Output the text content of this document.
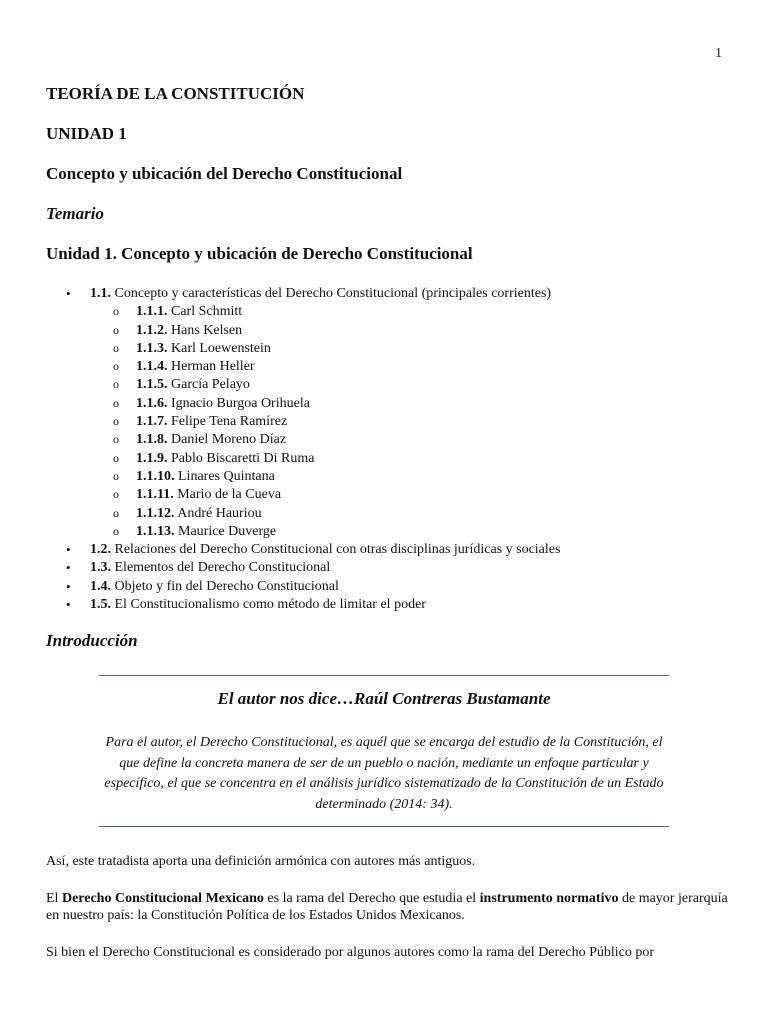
1
TEORÍA DE LA CONSTITUCIÓN
UNIDAD 1
Concepto y ubicación del Derecho Constitucional
Temario
Unidad 1. Concepto y ubicación de Derecho Constitucional
• 1.1. Concepto y características del Derecho Constitucional (principales corrientes)
o 1.1.1. Carl Schmitt
o 1.1.2. Hans Kelsen
o 1.1.3. Karl Loewenstein
o 1.1.4. Herman Heller
o 1.1.5. García Pelayo
o 1.1.6. Ignacio Burgoa Orihuela
o 1.1.7. Felipe Tena Ramírez
o 1.1.8. Daniel Moreno Díaz
o 1.1.9. Pablo Biscaretti Di Ruma
o 1.1.10. Linares Quintana
o 1.1.11. Mario de la Cueva
o 1.1.12. André Hauriou
o 1.1.13. Maurice Duverge
• 1.2. Relaciones del Derecho Constitucional con otras disciplinas jurídicas y sociales
• 1.3. Elementos del Derecho Constitucional
• 1.4. Objeto y fin del Derecho Constitucional
• 1.5. El Constitucionalismo como método de limitar el poder
Introducción
El autor nos dice…Raúl Contreras Bustamante

Para el autor, el Derecho Constitucional, es aquél que se encarga del estudio de la Constitución, el que define la concreta manera de ser de un pueblo o nación, mediante un enfoque particular y específico, el que se concentra en el análisis jurídico sistematizado de la Constitución de un Estado determinado (2014: 34).

Así, este tratadista aporta una definición armónica con autores más antiguos.

El Derecho Constitucional Mexicano es la rama del Derecho que estudia el instrumento normativo de mayor jerarquía en nuestro país: la Constitución Política de los Estados Unidos Mexicanos.

Si bien el Derecho Constitucional es considerado por algunos autores como la rama del Derecho Público por
